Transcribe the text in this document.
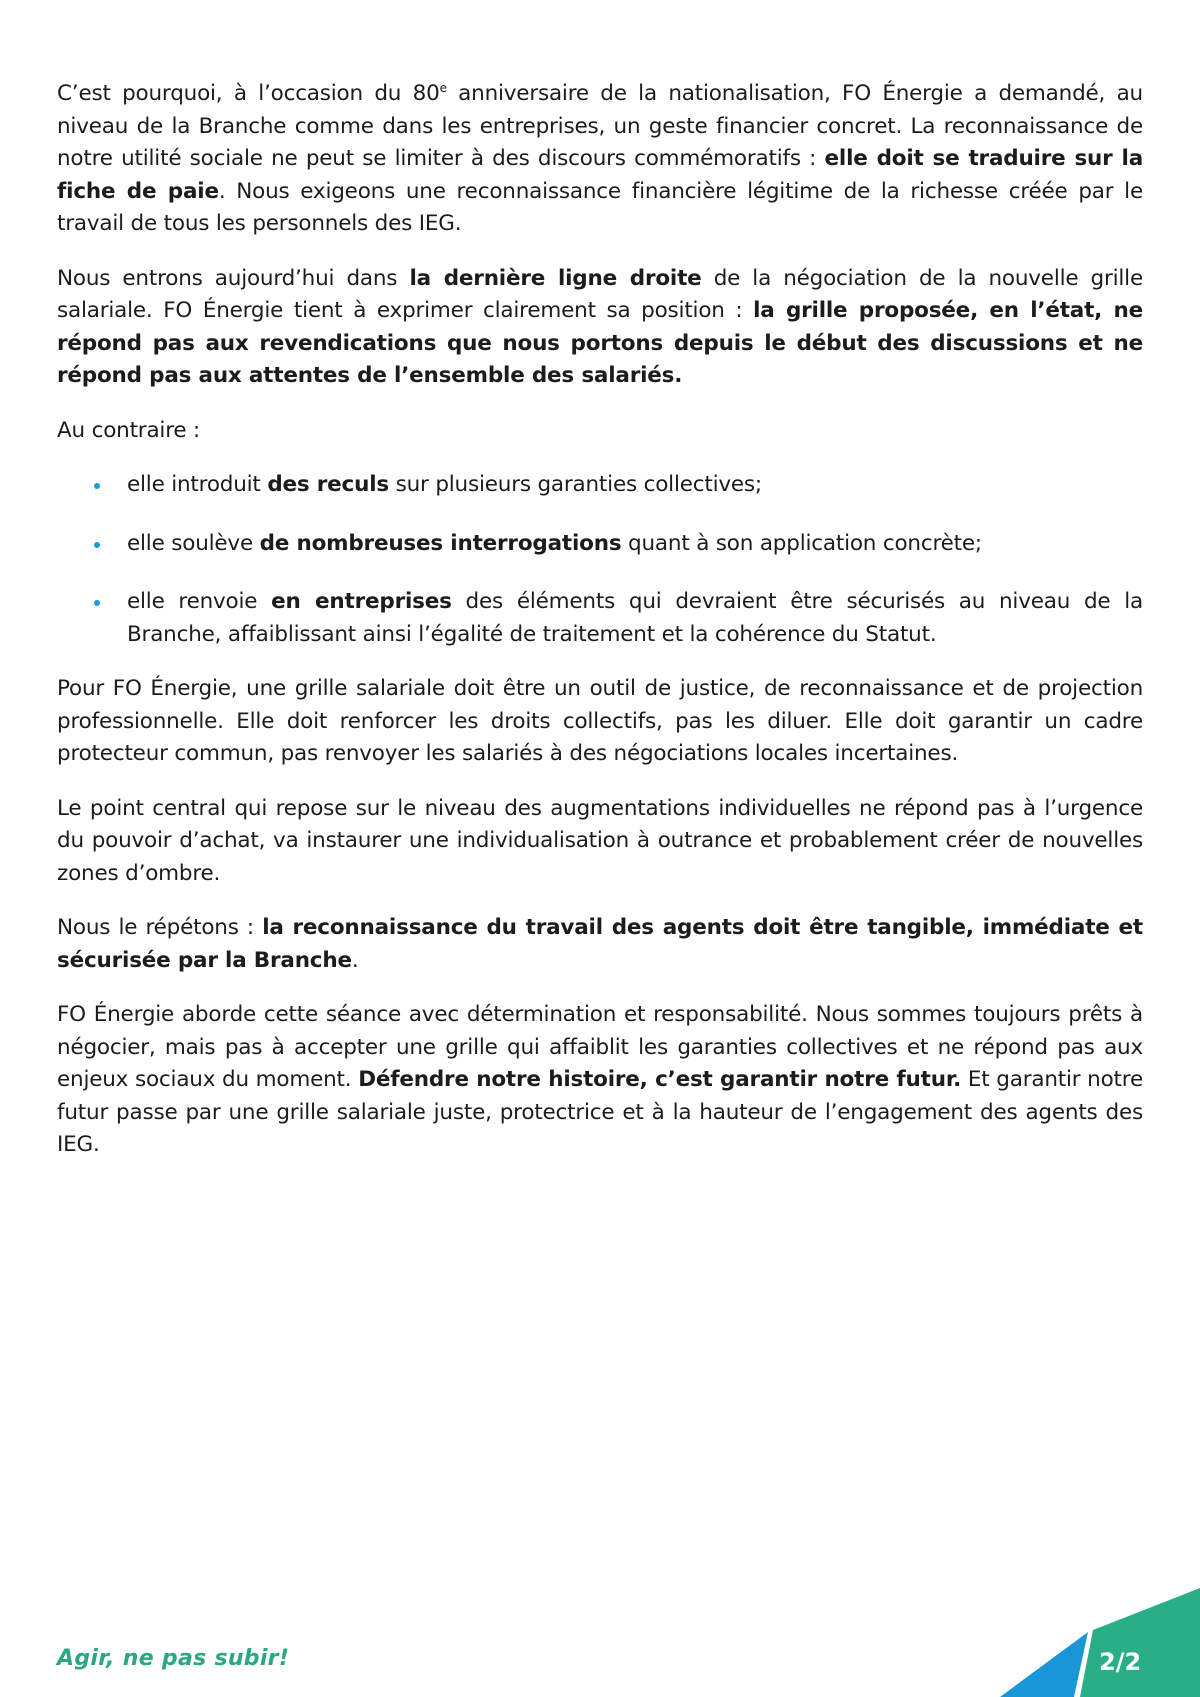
C’est pourquoi, à l’occasion du 80e anniversaire de la nationalisation, FO Énergie a demandé, au niveau de la Branche comme dans les entreprises, un geste financier concret. La reconnaissance de notre utilité sociale ne peut se limiter à des discours commémoratifs : elle doit se traduire sur la fiche de paie. Nous exigeons une reconnaissance financière légitime de la richesse créée par le travail de tous les personnels des IEG.

Nous entrons aujourd’hui dans la dernière ligne droite de la négociation de la nouvelle grille salariale. FO Énergie tient à exprimer clairement sa position : la grille proposée, en l’état, ne répond pas aux revendications que nous portons depuis le début des discussions et ne répond pas aux attentes de l’ensemble des salariés.

Au contraire :

elle introduit des reculs sur plusieurs garanties collectives;
elle soulève de nombreuses interrogations quant à son application concrète;
elle renvoie en entreprises des éléments qui devraient être sécurisés au niveau de la Branche, affaiblissant ainsi l’égalité de traitement et la cohérence du Statut.

Pour FO Énergie, une grille salariale doit être un outil de justice, de reconnaissance et de projection professionnelle. Elle doit renforcer les droits collectifs, pas les diluer. Elle doit garantir un cadre protecteur commun, pas renvoyer les salariés à des négociations locales incertaines.

Le point central qui repose sur le niveau des augmentations individuelles ne répond pas à l’urgence du pouvoir d’achat, va instaurer une individualisation à outrance et probablement créer de nouvelles zones d’ombre.

Nous le répétons : la reconnaissance du travail des agents doit être tangible, immédiate et sécurisée par la Branche.

FO Énergie aborde cette séance avec détermination et responsabilité. Nous sommes toujours prêts à négocier, mais pas à accepter une grille qui affaiblit les garanties collectives et ne répond pas aux enjeux sociaux du moment. Défendre notre histoire, c’est garantir notre futur. Et garantir notre futur passe par une grille salariale juste, protectrice et à la hauteur de l’engagement des agents des IEG.

Agir, ne pas subir!	2/2
